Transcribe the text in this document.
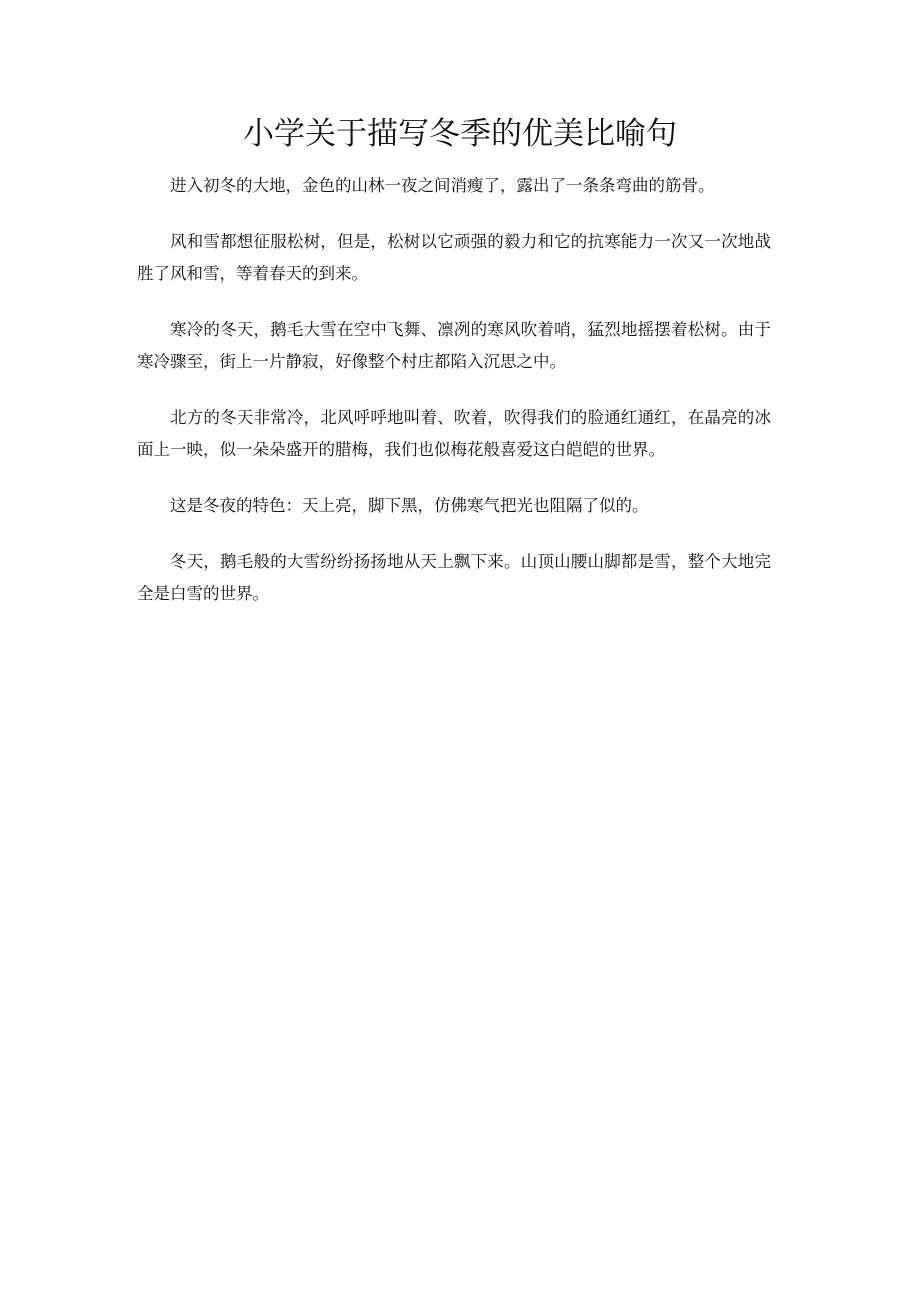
小学关于描写冬季的优美比喻句

进入初冬的大地，金色的山林一夜之间消瘦了，露出了一条条弯曲的筋骨。

风和雪都想征服松树，但是，松树以它顽强的毅力和它的抗寒能力一次又一次地战胜了风和雪，等着春天的到来。

寒冷的冬天，鹅毛大雪在空中飞舞、凛冽的寒风吹着哨，猛烈地摇摆着松树。由于寒冷骤至，街上一片静寂，好像整个村庄都陷入沉思之中。

北方的冬天非常冷，北风呼呼地叫着、吹着，吹得我们的脸通红通红，在晶亮的冰面上一映，似一朵朵盛开的腊梅，我们也似梅花般喜爱这白皑皑的世界。

这是冬夜的特色：天上亮，脚下黑，仿佛寒气把光也阻隔了似的。

冬天，鹅毛般的大雪纷纷扬扬地从天上飘下来。山顶山腰山脚都是雪，整个大地完全是白雪的世界。
